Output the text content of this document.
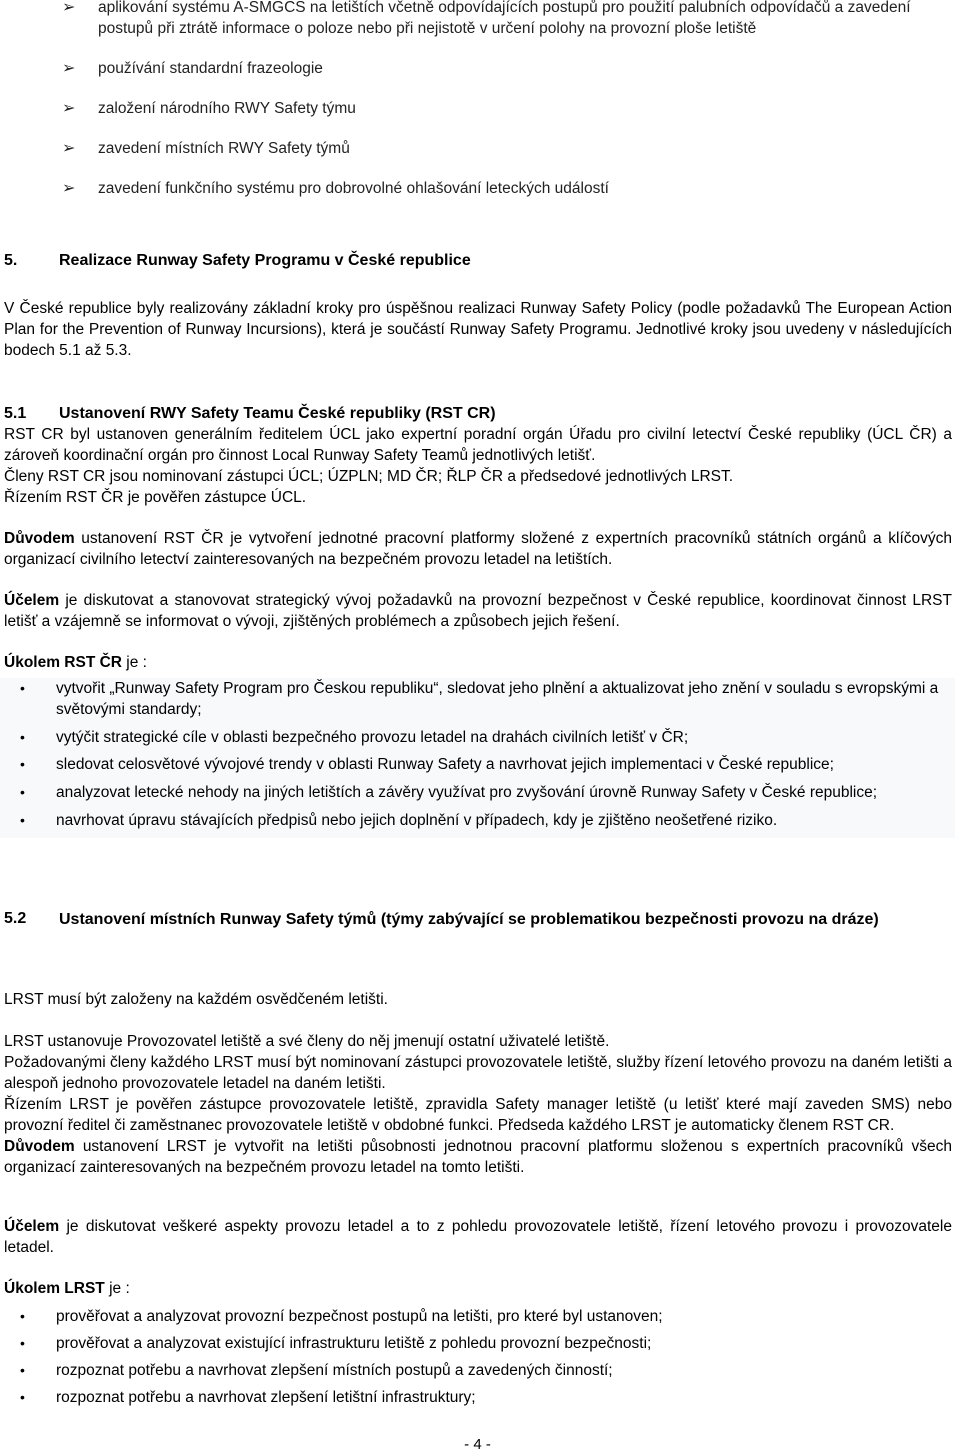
➢ aplikování systému A-SMGCS na letištích včetně odpovídajících postupů pro použití palubních odpovídačů a zavedení postupů při ztrátě informace o poloze nebo při nejistotě v určení polohy na provozní ploše letiště
➢ používání standardní frazeologie
➢ založení národního RWY Safety týmu
➢ zavedení místních RWY Safety týmů
➢ zavedení funkčního systému pro dobrovolné ohlašování leteckých událostí
5.	Realizace Runway Safety Programu v České republice

V České republice byly realizovány základní kroky pro úspěšnou realizaci Runway Safety Policy (podle požadavků The European Action Plan for the Prevention of Runway Incursions), která je součástí Runway Safety Programu. Jednotlivé kroky jsou uvedeny v následujících bodech 5.1 až 5.3.

5.1 Ustanovení RWY Safety Teamu České republiky (RST CR)

RST CR byl ustanoven generálním ředitelem ÚCL jako expertní poradní orgán Úřadu pro civilní letectví České republiky (ÚCL ČR) a zároveň koordinační orgán pro činnost Local Runway Safety Teamů jednotlivých letišť.

Členy RST CR jsou nominovaní zástupci ÚCL; ÚZPLN; MD ČR; ŘLP ČR a předsedové jednotlivých LRST.

Řízením RST ČR je pověřen zástupce ÚCL.

Důvodem ustanovení RST ČR je vytvoření jednotné pracovní platformy složené z expertních pracovníků státních orgánů a klíčových organizací civilního letectví zainteresovaných na bezpečném provozu letadel na letištích.

Účelem je diskutovat a stanovovat strategický vývoj požadavků na provozní bezpečnost v České republice, koordinovat činnost LRST letišť a vzájemně se informovat o vývoji, zjištěných problémech a způsobech jejich řešení.

Úkolem RST ČR je :

• vytvořit „Runway Safety Program pro Českou republiku“, sledovat jeho plnění a aktualizovat jeho znění v souladu s evropskými a světovými standardy;
• vytýčit strategické cíle v oblasti bezpečného provozu letadel na drahách civilních letišť v ČR;
• sledovat celosvětové vývojové trendy v oblasti Runway Safety a navrhovat jejich implementaci v České republice;
• analyzovat letecké nehody na jiných letištích a závěry využívat pro zvyšování úrovně Runway Safety v České republice;
• navrhovat úpravu stávajících předpisů nebo jejich doplnění v případech, kdy je zjištěno neošetřené riziko.
5.2	Ustanovení místních Runway Safety týmů (týmy zabývající se problematikou bezpečnosti provozu na dráze)

LRST musí být založeny na každém osvědčeném letišti.

LRST ustanovuje Provozovatel letiště a své členy do něj jmenují ostatní uživatelé letiště.

Požadovanými členy každého LRST musí být nominovaní zástupci provozovatele letiště, služby řízení letového provozu na daném letišti a alespoň jednoho provozovatele letadel na daném letišti.

Řízením LRST je pověřen zástupce provozovatele letiště, zpravidla Safety manager letiště (u letišť které mají zaveden SMS) nebo provozní ředitel či zaměstnanec provozovatele letiště v obdobné funkci. Předseda každého LRST je automaticky členem RST CR.

Důvodem ustanovení LRST je vytvořit na letišti působnosti jednotnou pracovní platformu složenou s expertních pracovníků všech organizací zainteresovaných na bezpečném provozu letadel na tomto letišti.

Účelem je diskutovat veškeré aspekty provozu letadel a to z pohledu provozovatele letiště, řízení letového provozu i provozovatele letadel.

Úkolem LRST je :

• prověřovat a analyzovat provozní bezpečnost postupů na letišti, pro které byl ustanoven;
• prověřovat a analyzovat existující infrastrukturu letiště z pohledu provozní bezpečnosti;
• rozpoznat potřebu a navrhovat zlepšení místních postupů a zavedených činností;
• rozpoznat potřebu a navrhovat zlepšení letištní infrastruktury;
- 4 -
